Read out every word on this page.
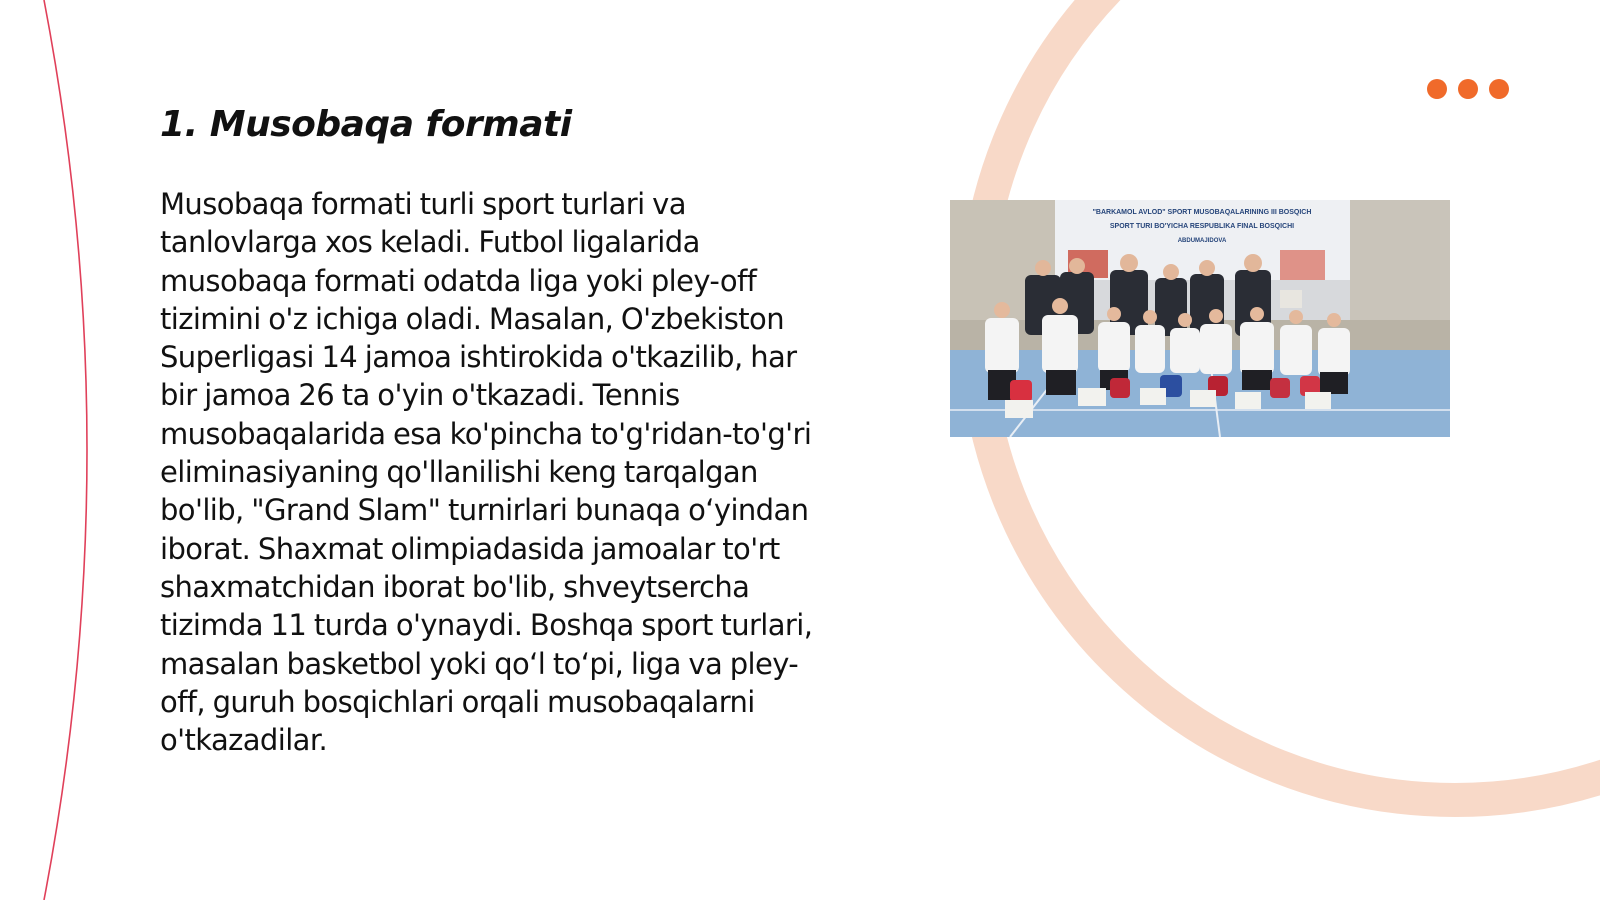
1. Musobaqa formati

Musobaqa formati turli sport turlari va tanlovlarga xos keladi. Futbol ligalarida musobaqa formati odatda liga yoki pley-off tizimini o'z ichiga oladi. Masalan, O'zbekiston Superligasi 14 jamoa ishtirokida o'tkazilib, har bir jamoa 26 ta o'yin o'tkazadi. Tennis musobaqalarida esa ko'pincha to'g'ridan-to'g'ri eliminasiyaning qo'llanilishi keng tarqalgan bo'lib, "Grand Slam" turnirlari bunaqa o‘yindan iborat. Shaxmat olimpiadasida jamoalar to'rt shaxmatchidan iborat bo'lib, shveytsercha tizimda 11 turda o'ynaydi. Boshqa sport turlari, masalan basketbol yoki qo‘l to‘pi, liga va pley-off, guruh bosqichlari orqali musobaqalarni o'tkazadilar.

"BARKAMOL AVLOD" SPORT MUSOBAQALARINING III BOSQICH
SPORT TURI BO'YICHA RESPUBLIKA FINAL BOSQICHI
ABDUMAJIDOVA
